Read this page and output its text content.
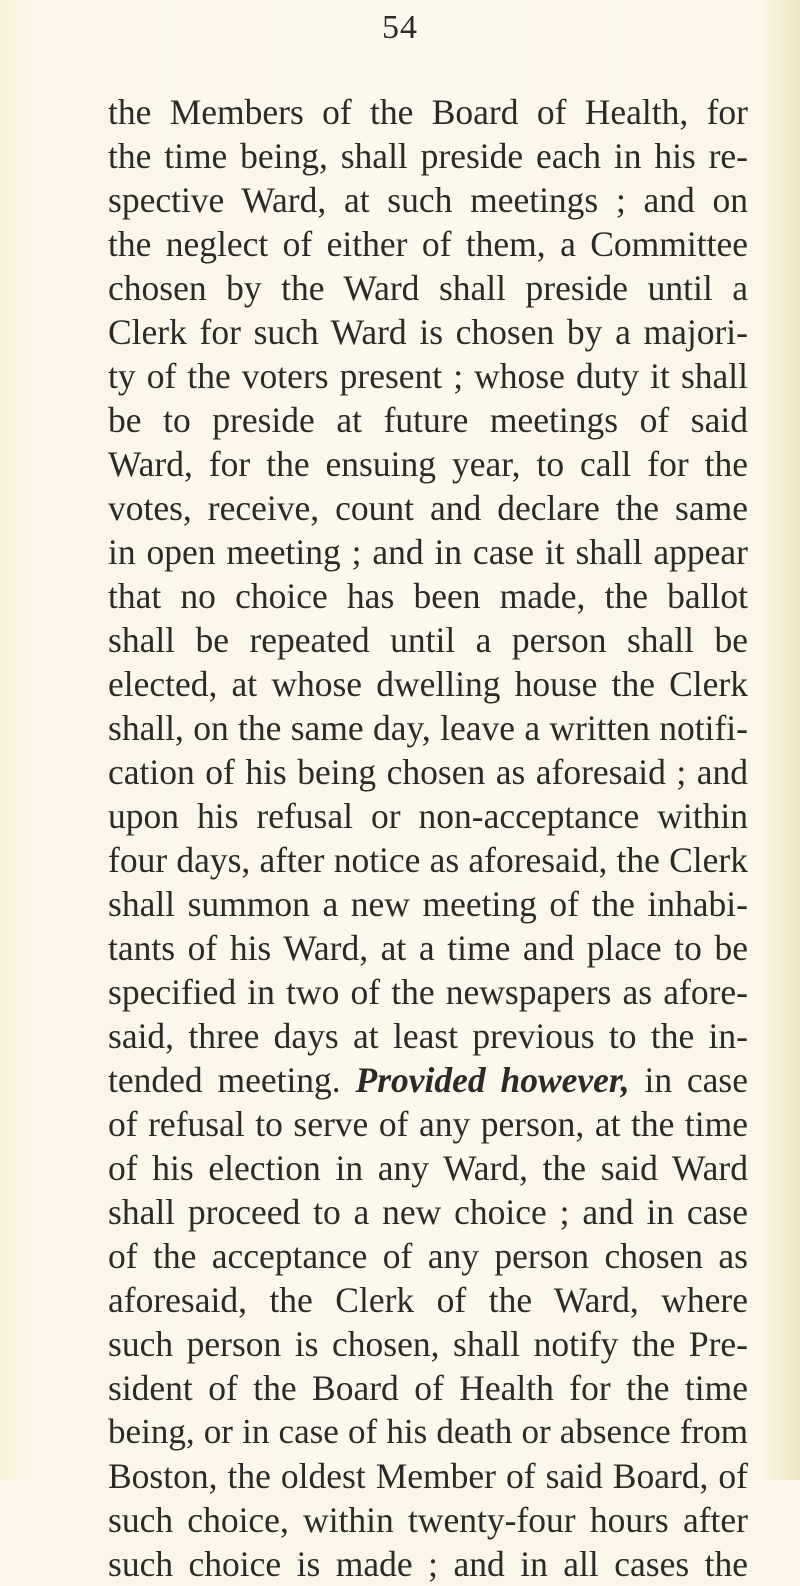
54
the Members of the Board of Health, for
the time being, shall preside each in his re-
spective Ward, at such meetings ; and on
the neglect of either of them, a Committee
chosen by the Ward shall preside until a
Clerk for such Ward is chosen by a majori-
ty of the voters present ; whose duty it shall
be to preside at future meetings of said
Ward, for the ensuing year, to call for the
votes, receive, count and declare the same
in open meeting ; and in case it shall appear
that no choice has been made, the ballot
shall be repeated until a person shall be
elected, at whose dwelling house the Clerk
shall, on the same day, leave a written notifi-
cation of his being chosen as aforesaid ; and
upon his refusal or non-acceptance within
four days, after notice as aforesaid, the Clerk
shall summon a new meeting of the inhabi-
tants of his Ward, at a time and place to be
specified in two of the newspapers as afore-
said, three days at least previous to the in-
tended meeting. Provided however, in case
of refusal to serve of any person, at the time
of his election in any Ward, the said Ward
shall proceed to a new choice ; and in case
of the acceptance of any person chosen as
aforesaid, the Clerk of the Ward, where
such person is chosen, shall notify the Pre-
sident of the Board of Health for the time
being, or in case of his death or absence from
Boston, the oldest Member of said Board, of
such choice, within twenty-four hours after
such choice is made ; and in all cases the
